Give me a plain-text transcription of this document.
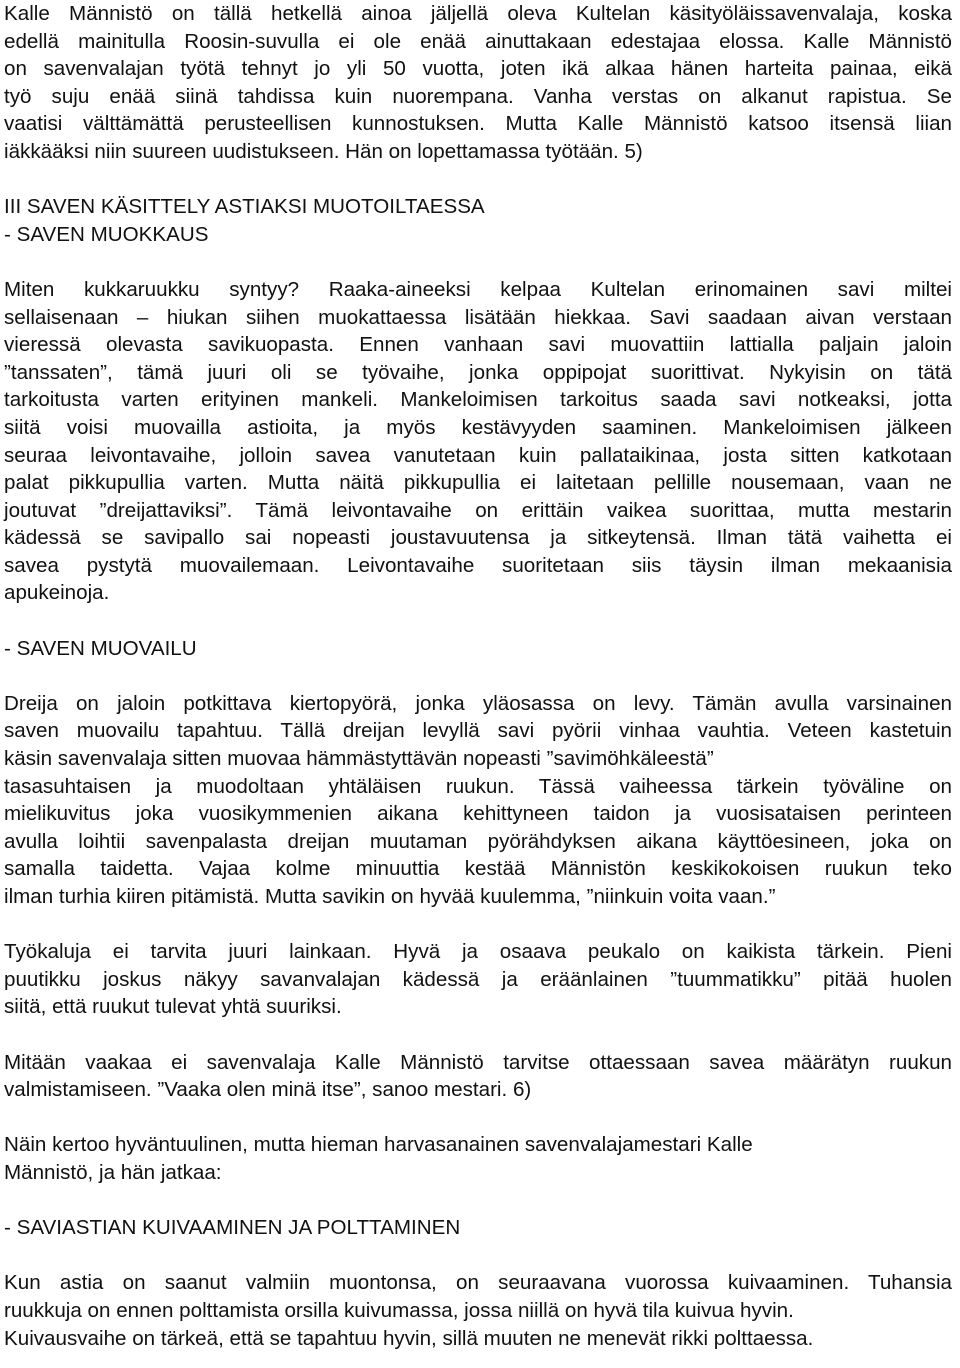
Kalle Männistö on tällä hetkellä ainoa jäljellä oleva Kultelan käsityöläissavenvalaja, koska
edellä mainitulla Roosin-suvulla ei ole enää ainuttakaan edestajaa elossa. Kalle Männistö
on savenvalajan työtä tehnyt jo yli 50 vuotta, joten ikä alkaa hänen harteita painaa, eikä
työ suju enää siinä tahdissa kuin nuorempana. Vanha verstas on alkanut rapistua. Se
vaatisi välttämättä perusteellisen kunnostuksen. Mutta Kalle Männistö katsoo itsensä liian
iäkkääksi niin suureen uudistukseen. Hän on lopettamassa työtään. 5)

III SAVEN KÄSITTELY ASTIAKSI MUOTOILTAESSA
- SAVEN MUOKKAUS

Miten kukkaruukku syntyy? Raaka-aineeksi kelpaa Kultelan erinomainen savi miltei
sellaisenaan – hiukan siihen muokattaessa lisätään hiekkaa. Savi saadaan aivan verstaan
vieressä olevasta savikuopasta. Ennen vanhaan savi muovattiin lattialla paljain jaloin
”tanssaten”, tämä juuri oli se työvaihe, jonka oppipojat suorittivat. Nykyisin on tätä
tarkoitusta varten erityinen mankeli. Mankeloimisen tarkoitus saada savi notkeaksi, jotta
siitä voisi muovailla astioita, ja myös kestävyyden saaminen. Mankeloimisen jälkeen
seuraa leivontavaihe, jolloin savea vanutetaan kuin pallataikinaa, josta sitten katkotaan
palat pikkupullia varten. Mutta näitä pikkupullia ei laitetaan pellille nousemaan, vaan ne
joutuvat ”dreijattaviksi”. Tämä leivontavaihe on erittäin vaikea suorittaa, mutta mestarin
kädessä se savipallo sai nopeasti joustavuutensa ja sitkeytensä. Ilman tätä vaihetta ei
savea pystytä muovailemaan. Leivontavaihe suoritetaan siis täysin ilman mekaanisia
apukeinoja.

- SAVEN MUOVAILU

Dreija on jaloin potkittava kiertopyörä, jonka yläosassa on levy. Tämän avulla varsinainen
saven muovailu tapahtuu. Tällä dreijan levyllä savi pyörii vinhaa vauhtia. Veteen kastetuin
käsin savenvalaja sitten muovaa hämmästyttävän nopeasti ”savimöhkäleestä”
tasasuhtaisen ja muodoltaan yhtäläisen ruukun. Tässä vaiheessa tärkein työväline on
mielikuvitus joka vuosikymmenien aikana kehittyneen taidon ja vuosisataisen perinteen
avulla loihtii savenpalasta dreijan muutaman pyörähdyksen aikana käyttöesineen, joka on
samalla taidetta. Vajaa kolme minuuttia kestää Männistön keskikokoisen ruukun teko
ilman turhia kiiren pitämistä. Mutta savikin on hyvää kuulemma, ”niinkuin voita vaan.”

Työkaluja ei tarvita juuri lainkaan. Hyvä ja osaava peukalo on kaikista tärkein. Pieni
puutikku joskus näkyy savanvalajan kädessä ja eräänlainen ”tuummatikku” pitää huolen
siitä, että ruukut tulevat yhtä suuriksi.

Mitään vaakaa ei savenvalaja Kalle Männistö tarvitse ottaessaan savea määrätyn ruukun
valmistamiseen. ”Vaaka olen minä itse”, sanoo mestari. 6)

Näin kertoo hyväntuulinen, mutta hieman harvasanainen savenvalajamestari Kalle
Männistö, ja hän jatkaa:

- SAVIASTIAN KUIVAAMINEN JA POLTTAMINEN

Kun astia on saanut valmiin muontonsa, on seuraavana vuorossa kuivaaminen. Tuhansia
ruukkuja on ennen polttamista orsilla kuivumassa, jossa niillä on hyvä tila kuivua hyvin.
Kuivausvaihe on tärkeä, että se tapahtuu hyvin, sillä muuten ne menevät rikki polttaessa.
